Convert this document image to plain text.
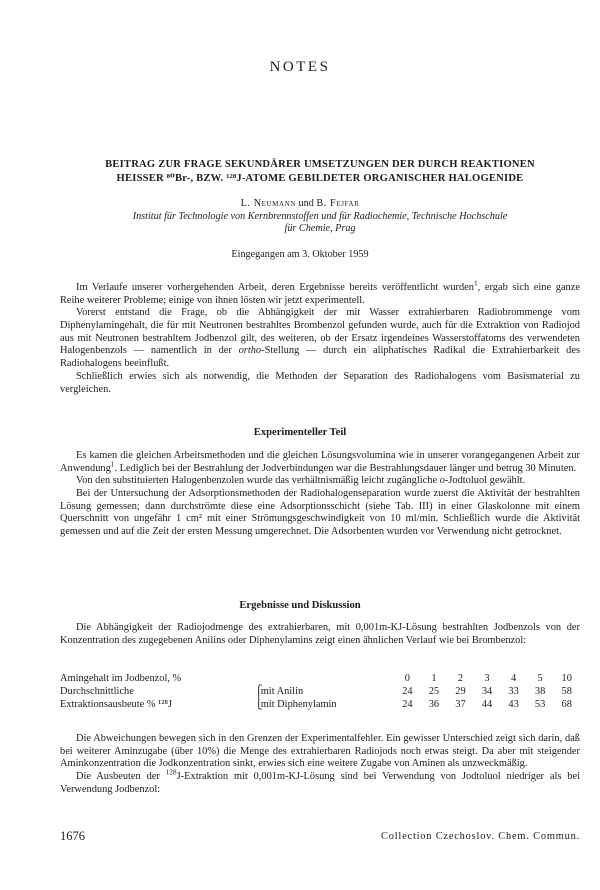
NOTES
BEITRAG ZUR FRAGE SEKUNDÄRER UMSETZUNGEN DER DURCH REAKTIONEN
HEISSER ⁸⁰Br-, BZW. ¹²⁸J-ATOME GEBILDETER ORGANISCHER HALOGENIDE
L. Neumann und B. Fejfar
Institut für Technologie von Kernbrennstoffen und für Radiochemie, Technische Hochschule
für Chemie, Prag
Eingegangen am 3. Oktober 1959

Im Verlaufe unserer vorhergehenden Arbeit, deren Ergebnisse bereits veröffentlicht wurden$^1$, ergab sich eine ganze Reihe weiterer Probleme; einige von ihnen lösten wir jetzt experimentell.

Vorerst entstand die Frage, ob die Abhängigkeit der mit Wasser extrahierbaren Radiobrommenge vom Diphenylamingehalt, die für mit Neutronen bestrahltes Brombenzol gefunden wurde, auch für die Extraktion von Radiojod aus mit Neutronen bestrahltem Jodbenzol gilt, des weiteren, ob der Ersatz irgendeines Wasserstoffatoms des verwendeten Halogenbenzols — namentlich in der ortho-Stellung — durch ein aliphatisches Radikal die Extrahierbarkeit des Radiohalogens beeinflußt.

Schließlich erwies sich als notwendig, die Methoden der Separation des Radiohalogens vom Basismaterial zu vergleichen.

Experimenteller Teil

Es kamen die gleichen Arbeitsmethoden und die gleichen Lösungsvolumina wie in unserer vorangegangenen Arbeit zur Anwendung$^1$. Lediglich bei der Bestrahlung der Jodverbindungen war die Bestrahlungsdauer länger und betrug 30 Minuten.

Von den substituierten Halogenbenzolen wurde das verhältnismäßig leicht zugängliche o-Jodtoluol gewählt.

Bei der Untersuchung der Adsorptionsmethoden der Radiohalogenseparation wurde zuerst die Aktivität der bestrahlten Lösung gemessen; dann durchströmte diese eine Adsorptionsschicht (siehe Tab. III) in einer Glaskolonne mit einem Querschnitt von ungefähr 1 cm² mit einer Strömungsgeschwindigkeit von 10 ml/min. Schließlich wurde die Aktivität gemessen und auf die Zeit der ersten Messung umgerechnet. Die Adsorbenten wurden vor Verwendung nicht getrocknet.

Ergebnisse und Diskussion

Die Abhängigkeit der Radiojodmenge des extrahierbaren, mit 0,001m-KJ-Lösung bestrahlten Jodbenzols von der Konzentration des zugegebenen Anilins oder Diphenylamins zeigt einen ähnlichen Verlauf wie bei Brombenzol:

Amingehalt im Jodbenzol, %		0	1	2	3	4	5	10
Durchschnittliche	⎧mit Anilin	24	25	29	34	33	38	58
Extraktionsausbeute % ¹²⁸J	⎩mit Diphenylamin	24	36	37	44	43	53	68

Die Abweichungen bewegen sich in den Grenzen der Experimentalfehler. Ein gewisser Unterschied zeigt sich darin, daß bei weiterer Aminzugabe (über 10%) die Menge des extrahierbaren Radiojods noch etwas steigt. Da aber mit steigender Aminkonzentration die Jodkonzentration sinkt, erwies sich eine weitere Zugabe von Aminen als unzweckmäßig.

Die Ausbeuten der $^{128}$J-Extraktion mit 0,001m-KJ-Lösung sind bei Verwendung von Jodtoluol niedriger als bei Verwendung Jodbenzol:

1676	Collection Czechoslov. Chem. Commun.
